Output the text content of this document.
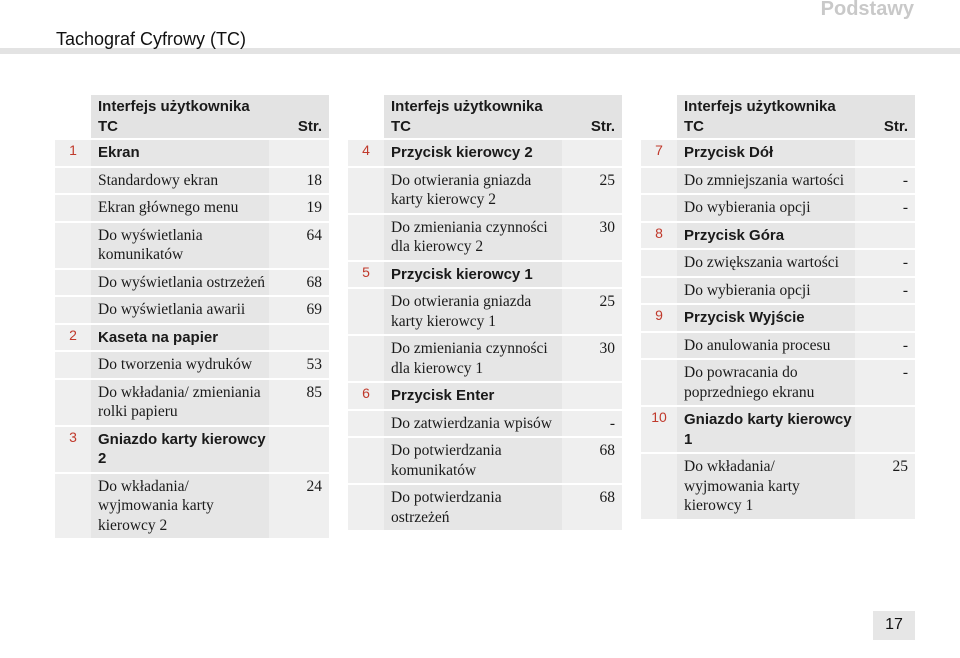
Tachograf Cyfrowy (TC)
Podstawy
	Interfejs użytkownika TC	Str.
1	Ekran	
	Standardowy ekran	18
	Ekran głównego menu	19
	Do wyświetlania komunikatów	64
	Do wyświetlania ostrzeżeń	68
	Do wyświetlania awarii	69
2	Kaseta na papier	
	Do tworzenia wydruków	53
	Do wkładania/ zmieniania rolki papieru	85
3	Gniazdo karty kierowcy 2	
	Do wkładania/ wyjmowania karty kierowcy 2	24
	Interfejs użytkownika TC	Str.
4	Przycisk kierowcy 2	
	Do otwierania gniazda karty kierowcy 2	25
	Do zmieniania czynności dla kierowcy 2	30
5	Przycisk kierowcy 1	
	Do otwierania gniazda karty kierowcy 1	25
	Do zmieniania czynności dla kierowcy 1	30
6	Przycisk Enter	
	Do zatwierdzania wpisów	-
	Do potwierdzania komunikatów	68
	Do potwierdzania ostrzeżeń	68
	Interfejs użytkownika TC	Str.
7	Przycisk Dół	
	Do zmniejszania wartości	-
	Do wybierania opcji	-
8	Przycisk Góra	
	Do zwiększania wartości	-
	Do wybierania opcji	-
9	Przycisk Wyjście	
	Do anulowania procesu	-
	Do powracania do poprzedniego ekranu	-
10	Gniazdo karty kierowcy 1	
	Do wkładania/ wyjmowania karty kierowcy 1	25
17
